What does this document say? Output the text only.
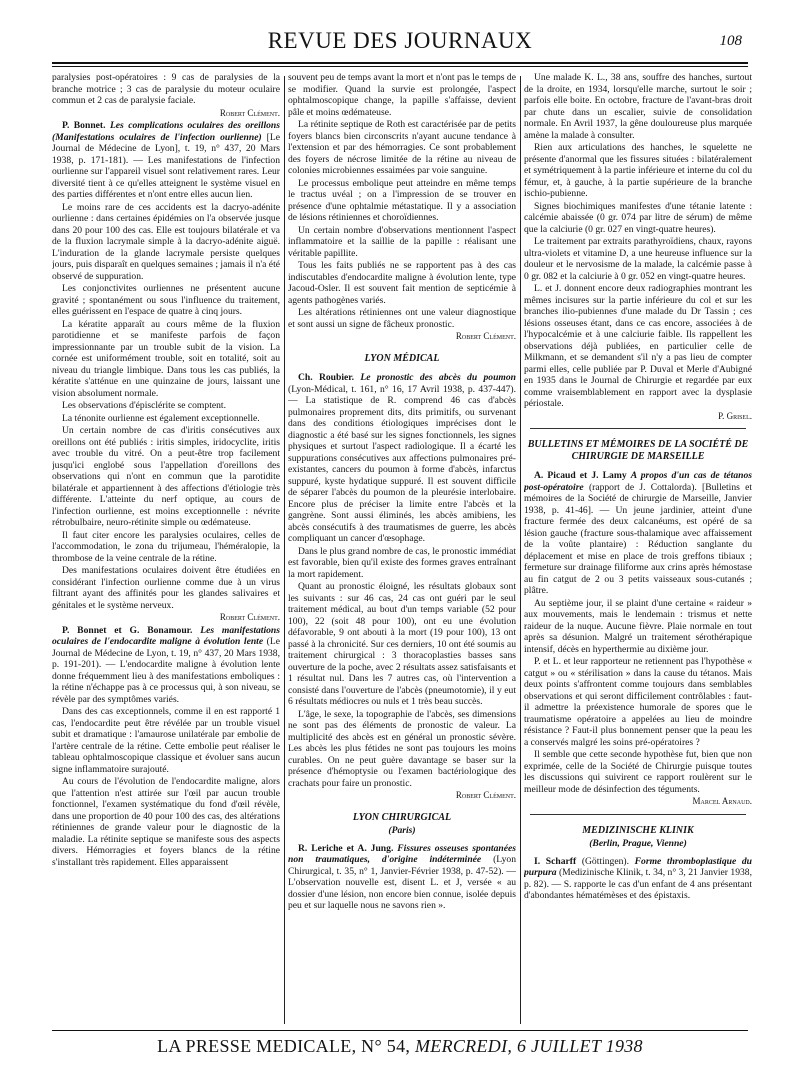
REVUE DES JOURNAUX	108

paralysies post-opératoires : 9 cas de paralysies de la branche motrice ; 3 cas de paralysie du moteur oculaire commun et 2 cas de paralysie faciale.

Robert Clément.

P. Bonnet. Les complications oculaires des oreillons (Manifestations oculaires de l'infection ourlienne) [Le Journal de Médecine de Lyon], t. 19, n° 437, 20 Mars 1938, p. 171-181). — Les manifestations de l'infection ourlienne sur l'appareil visuel sont relativement rares. Leur diversité tient à ce qu'elles atteignent le système visuel en des parties différentes et n'ont entre elles aucun lien.

Le moins rare de ces accidents est la dacryo-adénite ourlienne : dans certaines épidémies on l'a observée jusque dans 20 pour 100 des cas. Elle est toujours bilatérale et va de la fluxion lacrymale simple à la dacryo-adénite aiguë. L'induration de la glande lacrymale persiste quelques jours, puis disparaît en quelques semaines ; jamais il n'a été observé de suppuration.

Les conjonctivites ourliennes ne présentent aucune gravité ; spontanément ou sous l'influence du traitement, elles guérissent en l'espace de quatre à cinq jours.

La kératite apparaît au cours même de la fluxion parotidienne et se manifeste parfois de façon impressionnante par un trouble subit de la vision. La cornée est uniformément trouble, soit en totalité, soit au niveau du triangle limbique. Dans tous les cas publiés, la kératite s'atténue en une quinzaine de jours, laissant une vision absolument normale.

Les observations d'épisclérite se comptent.

La ténonite ourlienne est également exceptionnelle.

Un certain nombre de cas d'iritis consécutives aux oreillons ont été publiés : iritis simples, iridocyclite, iritis avec trouble du vitré. On a peut-être trop facilement jusqu'ici englobé sous l'appellation d'oreillons des observations qui n'ont en commun que la parotidite bilatérale et appartiennent à des affections d'étiologie très différente. L'atteinte du nerf optique, au cours de l'infection ourlienne, est moins exceptionnelle : névrite rétrobulbaire, neuro-rétinite simple ou œdémateuse.

Il faut citer encore les paralysies oculaires, celles de l'accommodation, le zona du trijumeau, l'héméralopie, la thrombose de la veine centrale de la rétine.

Des manifestations oculaires doivent être étudiées en considérant l'infection ourlienne comme due à un virus filtrant ayant des affinités pour les glandes salivaires et génitales et le système nerveux.

Robert Clément.

P. Bonnet et G. Bonamour. Les manifestations oculaires de l'endocardite maligne à évolution lente (Le Journal de Médecine de Lyon, t. 19, n° 437, 20 Mars 1938, p. 191-201). — L'endocardite maligne à évolution lente donne fréquemment lieu à des manifestations emboliques : la rétine n'échappe pas à ce processus qui, à son niveau, se révèle par des symptômes variés.

Dans des cas exceptionnels, comme il en est rapporté 1 cas, l'endocardite peut être révélée par un trouble visuel subit et dramatique : l'amaurose unilatérale par embolie de l'artère centrale de la rétine. Cette embolie peut réaliser le tableau ophtalmoscopique classique et évoluer sans aucun signe inflammatoire surajouté.

Au cours de l'évolution de l'endocardite maligne, alors que l'attention n'est attirée sur l'œil par aucun trouble fonctionnel, l'examen systématique du fond d'œil révèle, dans une proportion de 40 pour 100 des cas, des altérations rétiniennes de grande valeur pour le diagnostic de la maladie. La rétinite septique se manifeste sous des aspects divers. Hémorragies et foyers blancs de la rétine s'installant très rapidement. Elles apparaissent

souvent peu de temps avant la mort et n'ont pas le temps de se modifier. Quand la survie est prolongée, l'aspect ophtalmoscopique change, la papille s'affaisse, devient pâle et moins œdémateuse.

La rétinite septique de Roth est caractérisée par de petits foyers blancs bien circonscrits n'ayant aucune tendance à l'extension et par des hémorragies. Ce sont probablement des foyers de nécrose limitée de la rétine au niveau de colonies microbiennes essaimées par voie sanguine.

Le processus embolique peut atteindre en même temps le tractus uvéal ; on a l'impression de se trouver en présence d'une ophtalmie métastatique. Il y a association de lésions rétiniennes et choroïdiennes.

Un certain nombre d'observations mentionnent l'aspect inflammatoire et la saillie de la papille : réalisant une véritable papillite.

Tous les faits publiés ne se rapportent pas à des cas indiscutables d'endocardite maligne à évolution lente, type Jacoud-Osler. Il est souvent fait mention de septicémie à agents pathogènes variés.

Les altérations rétiniennes ont une valeur diagnostique et sont aussi un signe de fâcheux pronostic.

Robert Clément.

LYON MÉDICAL

Ch. Roubier. Le pronostic des abcès du poumon (Lyon-Médical, t. 161, n° 16, 17 Avril 1938, p. 437-447). — La statistique de R. comprend 46 cas d'abcès pulmonaires proprement dits, dits primitifs, ou survenant dans des conditions étiologiques imprécises dont le diagnostic a été basé sur les signes fonctionnels, les signes physiques et surtout l'aspect radiologique. Il a écarté les suppurations consécutives aux affections pulmonaires pré-existantes, cancers du poumon à forme d'abcès, infarctus suppuré, kyste hydatique suppuré. Il est souvent difficile de séparer l'abcès du poumon de la pleurésie interlobaire. Encore plus de préciser la limite entre l'abcès et la gangrène. Sont aussi éliminés, les abcès amibiens, les abcès consécutifs à des traumatismes de guerre, les abcès compliquant un cancer d'œsophage.

Dans le plus grand nombre de cas, le pronostic immédiat est favorable, bien qu'il existe des formes graves entraînant la mort rapidement.

Quant au pronostic éloigné, les résultats globaux sont les suivants : sur 46 cas, 24 cas ont guéri par le seul traitement médical, au bout d'un temps variable (52 pour 100), 22 (soit 48 pour 100), ont eu une évolution défavorable, 9 ont abouti à la mort (19 pour 100), 13 ont passé à la chronicité. Sur ces derniers, 10 ont été soumis au traitement chirurgical : 3 thoracoplasties basses sans ouverture de la poche, avec 2 résultats assez satisfaisants et 1 résultat nul. Dans les 7 autres cas, où l'intervention a consisté dans l'ouverture de l'abcès (pneumotomie), il y eut 6 résultats médiocres ou nuls et 1 très beau succès.

L'âge, le sexe, la topographie de l'abcès, ses dimensions ne sont pas des éléments de pronostic de valeur. La multiplicité des abcès est en général un pronostic sévère. Les abcès les plus fétides ne sont pas toujours les moins curables. On ne peut guère davantage se baser sur la présence d'hémoptysie ou l'examen bactériologique des crachats pour faire un pronostic.

Robert Clément.

LYON CHIRURGICAL
(Paris)

R. Leriche et A. Jung. Fissures osseuses spontanées non traumatiques, d'origine indéterminée (Lyon Chirurgical, t. 35, n° 1, Janvier-Février 1938, p. 47-52). — L'observation nouvelle est, disent L. et J, versée « au dossier d'une lésion, non encore bien connue, isolée depuis peu et sur laquelle nous ne savons rien ».

Une malade K. L., 38 ans, souffre des hanches, surtout de la droite, en 1934, lorsqu'elle marche, surtout le soir ; parfois elle boite. En octobre, fracture de l'avant-bras droit par chute dans un escalier, suivie de consolidation normale. En Avril 1937, la gêne douloureuse plus marquée amène la malade à consulter.

Rien aux articulations des hanches, le squelette ne présente d'anormal que les fissures situées : bilatéralement et symétriquement à la partie inférieure et interne du col du fémur, et, à gauche, à la partie supérieure de la branche ischio-pubienne.

Signes biochimiques manifestes d'une tétanie latente : calcémie abaissée (0 gr. 074 par litre de sérum) de même que la calciurie (0 gr. 027 en vingt-quatre heures).

Le traitement par extraits parathyroïdiens, chaux, rayons ultra-violets et vitamine D, a une heureuse influence sur la douleur et le nervosisme de la malade, la calcémie passe à 0 gr. 082 et la calciurie à 0 gr. 052 en vingt-quatre heures.

L. et J. donnent encore deux radiographies montrant les mêmes incisures sur la partie inférieure du col et sur les branches ilio-pubiennes d'une malade du Dr Tassin ; ces lésions osseuses étant, dans ce cas encore, associées à de l'hypocalcémie et à une calciurie faible. Ils rappellent les observations déjà publiées, en particulier celle de Milkmann, et se demandent s'il n'y a pas lieu de compter parmi elles, celle publiée par P. Duval et Merle d'Aubigné en 1935 dans le Journal de Chirurgie et regardée par eux comme vraisemblablement en rapport avec la dysplasie périostale.

P. Grisel.

BULLETINS ET MÉMOIRES DE LA SOCIÉTÉ DE CHIRURGIE DE MARSEILLE

A. Picaud et J. Lamy A propos d'un cas de tétanos post-opératoire (rapport de J. Cottalorda). [Bulletins et mémoires de la Société de chirurgie de Marseille, Janvier 1938, p. 41-46]. — Un jeune jardinier, atteint d'une fracture fermée des deux calcanéums, est opéré de sa lésion gauche (fracture sous-thalamique avec affaissement de la voûte plantaire) : Réduction sanglante du déplacement et mise en place de trois greffons tibiaux ; fermeture sur drainage filiforme aux crins après hémostase au fin catgut de 2 ou 3 petits vaisseaux sous-cutanés ; plâtre.

Au septième jour, il se plaint d'une certaine « raideur » aux mouvements, mais le lendemain : trismus et nette raideur de la nuque. Aucune fièvre. Plaie normale en tout après sa désunion. Malgré un traitement sérothérapique intensif, décès en hyperthermie au dixième jour.

P. et L. et leur rapporteur ne retiennent pas l'hypothèse « catgut » ou « stérilisation » dans la cause du tétanos. Mais deux points s'affrontent comme toujours dans semblables observations et qui seront difficilement contrôlables : faut-il admettre la préexistence humorale de spores que le traumatisme opératoire a appelées au lieu de moindre résistance ? Faut-il plus bonnement penser que la peau les a conservés malgré les soins pré-opératoires ?

Il semble que cette seconde hypothèse fut, bien que non exprimée, celle de la Société de Chirurgie puisque toutes les discussions qui suivirent ce rapport roulèrent sur le meilleur mode de désinfection des téguments.

Marcel Arnaud.

MEDIZINISCHE KLINIK
(Berlin, Prague, Vienne)

I. Scharff (Göttingen). Forme thromboplastique du purpura (Medizinische Klinik, t. 34, n° 3, 21 Janvier 1938, p. 82). — S. rapporte le cas d'un enfant de 4 ans présentant d'abondantes hématémèses et des épistaxis.

LA PRESSE MEDICALE, N° 54, MERCREDI, 6 JUILLET 1938
